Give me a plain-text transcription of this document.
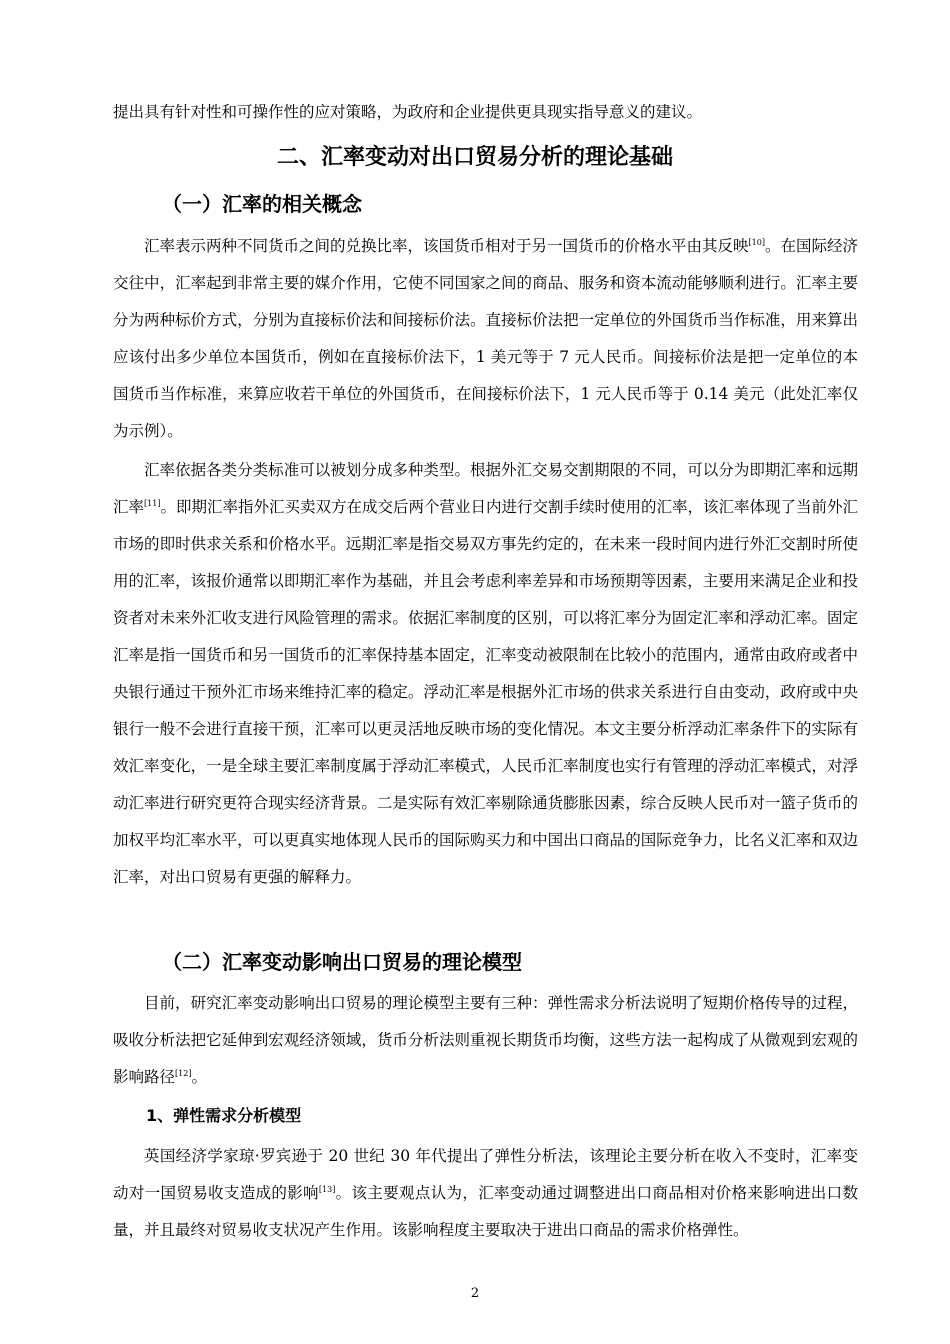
提出具有针对性和可操作性的应对策略，为政府和企业提供更具现实指导意义的建议。

二、汇率变动对出口贸易分析的理论基础
（一）汇率的相关概念

汇率表示两种不同货币之间的兑换比率，该国货币相对于另一国货币的价格水平由其反映[10]。在国际经济交往中，汇率起到非常主要的媒介作用，它使不同国家之间的商品、服务和资本流动能够顺利进行。汇率主要分为两种标价方式，分别为直接标价法和间接标价法。直接标价法把一定单位的外国货币当作标准，用来算出应该付出多少单位本国货币，例如在直接标价法下，1 美元等于 7 元人民币。间接标价法是把一定单位的本国货币当作标准，来算应收若干单位的外国货币，在间接标价法下，1 元人民币等于 0.14 美元（此处汇率仅为示例）。

汇率依据各类分类标准可以被划分成多种类型。根据外汇交易交割期限的不同，可以分为即期汇率和远期汇率[11]。即期汇率指外汇买卖双方在成交后两个营业日内进行交割手续时使用的汇率，该汇率体现了当前外汇市场的即时供求关系和价格水平。远期汇率是指交易双方事先约定的，在未来一段时间内进行外汇交割时所使用的汇率，该报价通常以即期汇率作为基础，并且会考虑利率差异和市场预期等因素，主要用来满足企业和投资者对未来外汇收支进行风险管理的需求。依据汇率制度的区别，可以将汇率分为固定汇率和浮动汇率。固定汇率是指一国货币和另一国货币的汇率保持基本固定，汇率变动被限制在比较小的范围内，通常由政府或者中央银行通过干预外汇市场来维持汇率的稳定。浮动汇率是根据外汇市场的供求关系进行自由变动，政府或中央银行一般不会进行直接干预，汇率可以更灵活地反映市场的变化情况。本文主要分析浮动汇率条件下的实际有效汇率变化，一是全球主要汇率制度属于浮动汇率模式，人民币汇率制度也实行有管理的浮动汇率模式，对浮动汇率进行研究更符合现实经济背景。二是实际有效汇率剔除通货膨胀因素，综合反映人民币对一篮子货币的加权平均汇率水平，可以更真实地体现人民币的国际购买力和中国出口商品的国际竞争力，比名义汇率和双边汇率，对出口贸易有更强的解释力。

（二）汇率变动影响出口贸易的理论模型

目前，研究汇率变动影响出口贸易的理论模型主要有三种：弹性需求分析法说明了短期价格传导的过程，吸收分析法把它延伸到宏观经济领域，货币分析法则重视长期货币均衡，这些方法一起构成了从微观到宏观的影响路径[12]。

1、弹性需求分析模型

英国经济学家琼·罗宾逊于 20 世纪 30 年代提出了弹性分析法，该理论主要分析在收入不变时，汇率变动对一国贸易收支造成的影响[13]。该主要观点认为，汇率变动通过调整进出口商品相对价格来影响进出口数量，并且最终对贸易收支状况产生作用。该影响程度主要取决于进出口商品的需求价格弹性。

2
